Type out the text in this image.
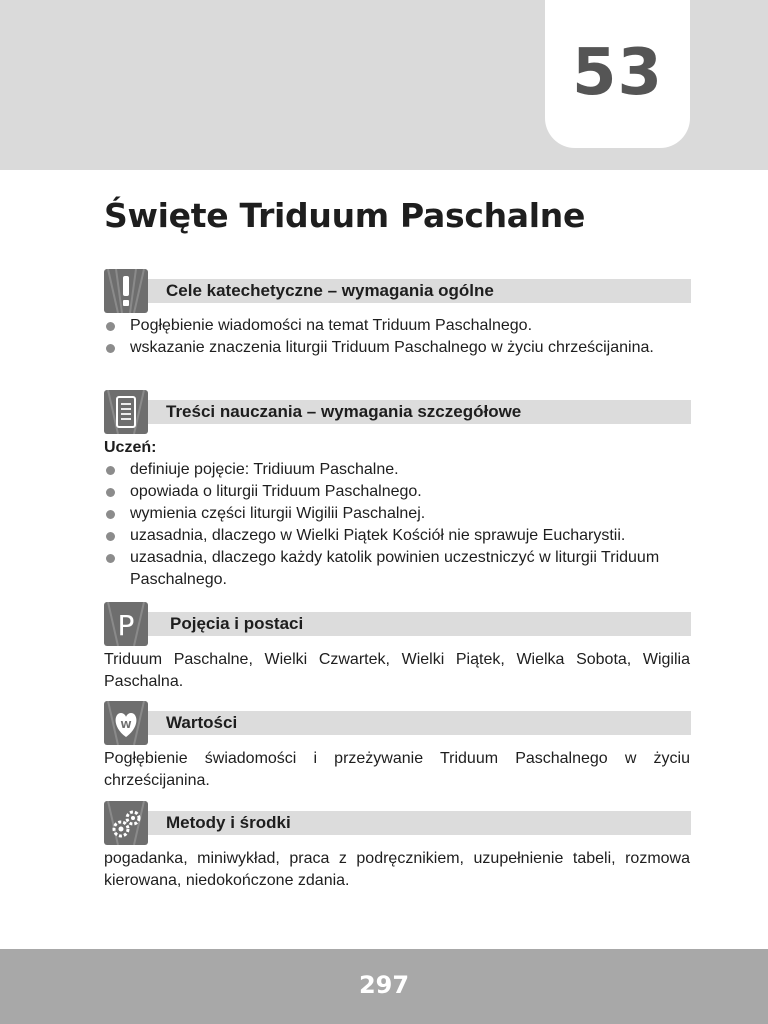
53
Święte Triduum Paschalne
Cele katechetyczne – wymagania ogólne
Pogłębienie wiadomości na temat Triduum Paschalnego.
wskazanie znaczenia liturgii Triduum Paschalnego w życiu chrześcijanina.
Treści nauczania – wymagania szczegółowe
Uczeń:
definiuje pojęcie: Tridiuum Paschalne.
opowiada o liturgii Triduum Paschalnego.
wymienia części liturgii Wigilii Paschalnej.
uzasadnia, dlaczego w Wielki Piątek Kościół nie sprawuje Eucharystii.
uzasadnia, dlaczego każdy katolik powinien uczestniczyć w liturgii Triduum Paschalnego.
P Pojęcia i postaci

Triduum Paschalne, Wielki Czwartek, Wielki Piątek, Wielka Sobota, Wigilia Paschalna.

W Wartości

Pogłębienie świadomości i przeżywanie Triduum Paschalnego w życiu chrześcijanina.

Metody i środki

pogadanka, miniwykład, praca z podręcznikiem, uzupełnienie tabeli, rozmowa kierowana, niedokończone zdania.

297
